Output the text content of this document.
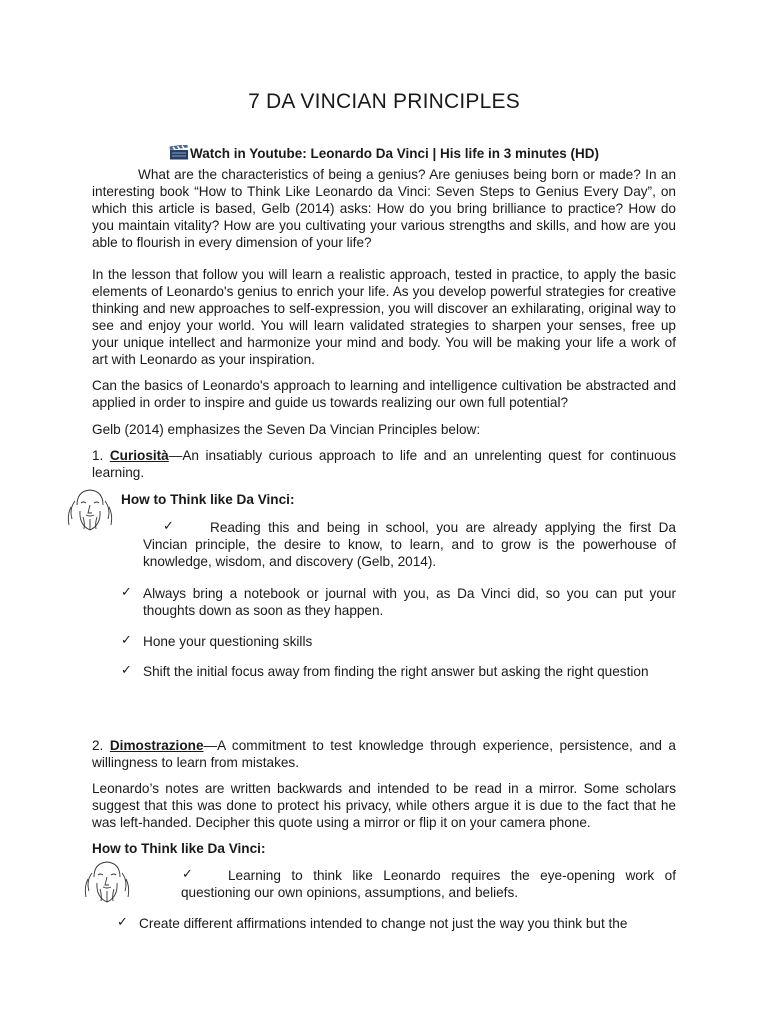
7 DA VINCIAN PRINCIPLES
Watch in Youtube: Leonardo Da Vinci | His life in 3 minutes (HD)

What are the characteristics of being a genius? Are geniuses being born or made? In an interesting book “How to Think Like Leonardo da Vinci: Seven Steps to Genius Every Day”, on which this article is based, Gelb (2014) asks: How do you bring brilliance to practice? How do you maintain vitality? How are you cultivating your various strengths and skills, and how are you able to flourish in every dimension of your life?

In the lesson that follow you will learn a realistic approach, tested in practice, to apply the basic elements of Leonardo's genius to enrich your life. As you develop powerful strategies for creative thinking and new approaches to self-expression, you will discover an exhilarating, original way to see and enjoy your world. You will learn validated strategies to sharpen your senses, free up your unique intellect and harmonize your mind and body. You will be making your life a work of art with Leonardo as your inspiration.

Can the basics of Leonardo's approach to learning and intelligence cultivation be abstracted and applied in order to inspire and guide us towards realizing our own full potential?

Gelb (2014) emphasizes the Seven Da Vincian Principles below:

1. Curiosità—An insatiably curious approach to life and an unrelenting quest for continuous learning.

How to Think like Da Vinci:
✓	Reading this and being in school, you are already applying the first Da Vincian principle, the desire to know, to learn, and to grow is the powerhouse of knowledge, wisdom, and discovery (Gelb, 2014).
✓ Always bring a notebook or journal with you, as Da Vinci did, so you can put your thoughts down as soon as they happen.
✓ Hone your questioning skills
✓ Shift the initial focus away from finding the right answer but asking the right question

2. Dimostrazione—A commitment to test knowledge through experience, persistence, and a willingness to learn from mistakes.

Leonardo’s notes are written backwards and intended to be read in a mirror. Some scholars suggest that this was done to protect his privacy, while others argue it is due to the fact that he was left-handed. Decipher this quote using a mirror or flip it on your camera phone.

How to Think like Da Vinci:
✓	Learning to think like Leonardo requires the eye-opening work of questioning our own opinions, assumptions, and beliefs.
✓ Create different affirmations intended to change not just the way you think but the
